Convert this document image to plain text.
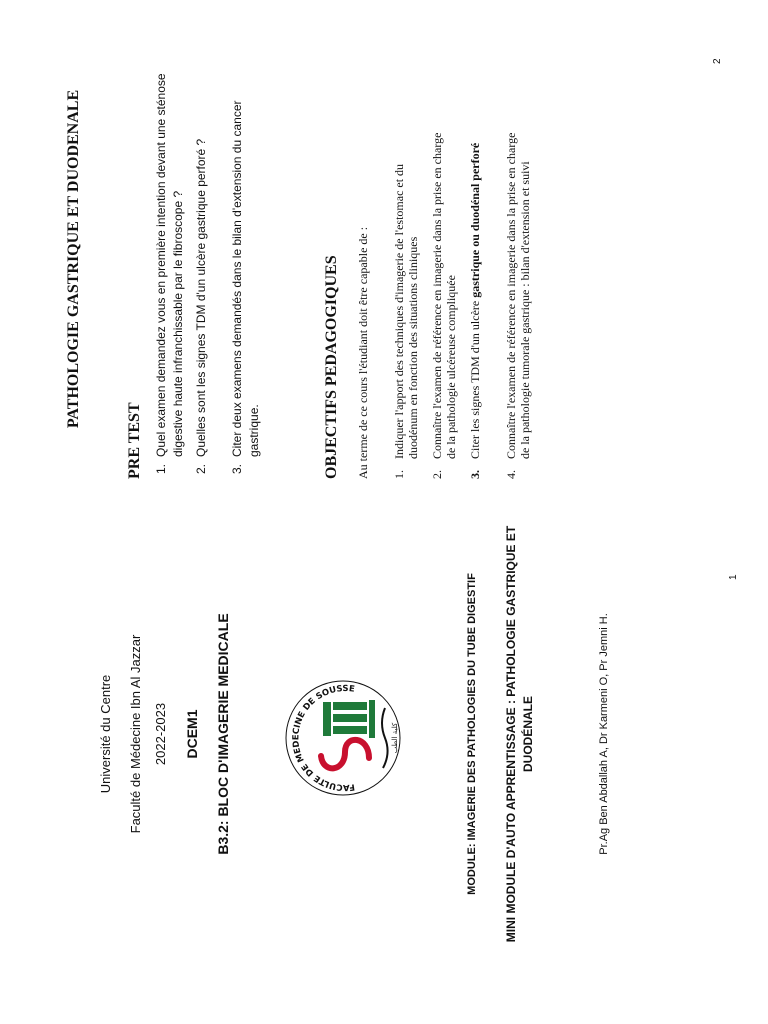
Université du Centre Faculté de Médecine Ibn Al Jazzar 2022-2023 DCEM1 B3.2: BLOC D'IMAGERIE MEDICALE	FACULTE DE MEDECINE DE SOUSSE
كلية الطب	MODULE: IMAGERIE DES PATHOLOGIES DU TUBE DIGESTIF MINI MODULE D'AUTO APPRENTISSAGE : PATHOLOGIE GASTRIQUE ET DUODÉNALE	Pr.Ag Ben Abdallah A, Dr Karmeni O, Pr Jemni H.
1
PATHOLOGIE GASTRIQUE ET DUODENALE
PRE TEST 1.
Quel examen demandez vous en première intention devant une sténose digestive haute infranchissable par le fibroscope ?
2.
Quelles sont les signes TDM d'un ulcère gastrique perforé ?
3.
Citer deux examens demandés dans le bilan d'extension du cancer gastrique.	OBJECTIFS PEDAGOGIQUES Au terme de ce cours l'étudiant doit être capable de : 1.
Indiquer l'apport des techniques d'imagerie de l'estomac et du duodénum en fonction des situations cliniques
2.
Connaître l'examen de référence en imagerie dans la prise en charge de la pathologie ulcéreuse compliquée
3.
Citer les signes TDM d'un ulcère gastrique ou duodénal perforé
4.
Connaître l'examen de référence en imagerie dans la prise en charge de la pathologie tumorale gastrique : bilan d'extension et suivi
2
